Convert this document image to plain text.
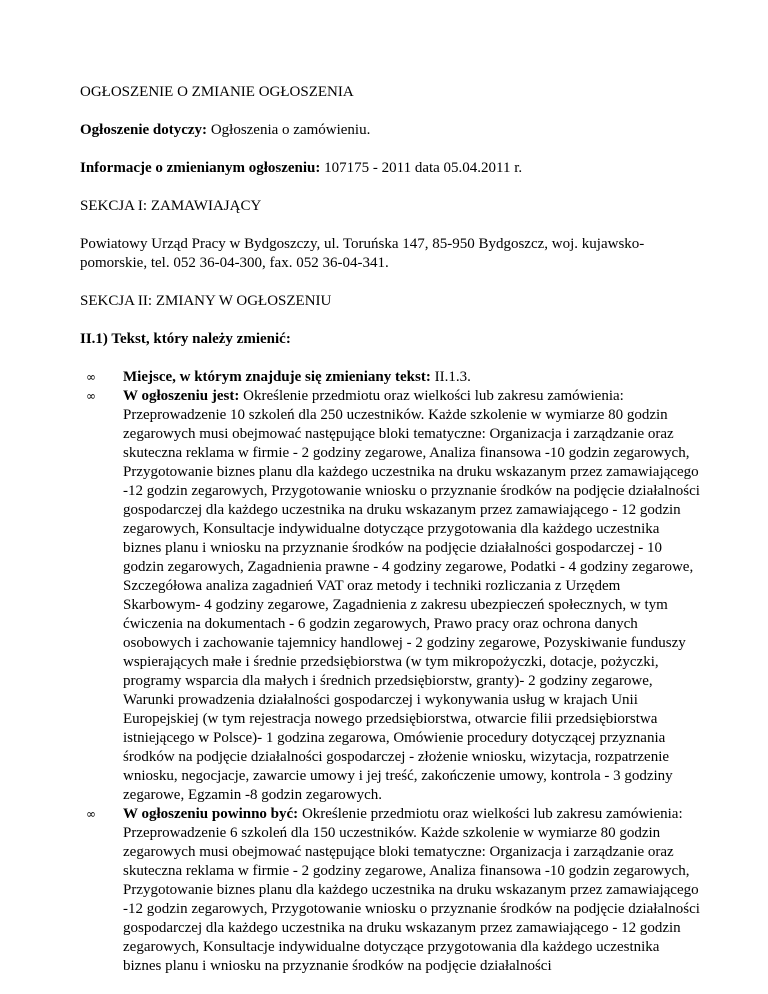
OGŁOSZENIE O ZMIANIE OGŁOSZENIA

Ogłoszenie dotyczy: Ogłoszenia o zamówieniu.

Informacje o zmienianym ogłoszeniu: 107175 - 2011 data 05.04.2011 r.

SEKCJA I: ZAMAWIAJĄCY

Powiatowy Urząd Pracy w Bydgoszczy, ul. Toruńska 147, 85-950 Bydgoszcz, woj. kujawsko-pomorskie, tel. 052 36-04-300, fax. 052 36-04-341.

SEKCJA II: ZMIANY W OGŁOSZENIU

II.1) Tekst, który należy zmienić:

∞ Miejsce, w którym znajduje się zmieniany tekst: II.1.3.
∞ W ogłoszeniu jest: Określenie przedmiotu oraz wielkości lub zakresu zamówienia: Przeprowadzenie 10 szkoleń dla 250 uczestników. Każde szkolenie w wymiarze 80 godzin zegarowych musi obejmować następujące bloki tematyczne: Organizacja i zarządzanie oraz skuteczna reklama w firmie - 2 godziny zegarowe, Analiza finansowa -10 godzin zegarowych, Przygotowanie biznes planu dla każdego uczestnika na druku wskazanym przez zamawiającego -12 godzin zegarowych, Przygotowanie wniosku o przyznanie środków na podjęcie działalności gospodarczej dla każdego uczestnika na druku wskazanym przez zamawiającego - 12 godzin zegarowych, Konsultacje indywidualne dotyczące przygotowania dla każdego uczestnika biznes planu i wniosku na przyznanie środków na podjęcie działalności gospodarczej - 10 godzin zegarowych, Zagadnienia prawne - 4 godziny zegarowe, Podatki - 4 godziny zegarowe, Szczegółowa analiza zagadnień VAT oraz metody i techniki rozliczania z Urzędem Skarbowym- 4 godziny zegarowe, Zagadnienia z zakresu ubezpieczeń społecznych, w tym ćwiczenia na dokumentach - 6 godzin zegarowych, Prawo pracy oraz ochrona danych osobowych i zachowanie tajemnicy handlowej - 2 godziny zegarowe, Pozyskiwanie funduszy wspierających małe i średnie przedsiębiorstwa (w tym mikropożyczki, dotacje, pożyczki, programy wsparcia dla małych i średnich przedsiębiorstw, granty)- 2 godziny zegarowe, Warunki prowadzenia działalności gospodarczej i wykonywania usług w krajach Unii Europejskiej (w tym rejestracja nowego przedsiębiorstwa, otwarcie filii przedsiębiorstwa istniejącego w Polsce)- 1 godzina zegarowa, Omówienie procedury dotyczącej przyznania środków na podjęcie działalności gospodarczej - złożenie wniosku, wizytacja, rozpatrzenie wniosku, negocjacje, zawarcie umowy i jej treść, zakończenie umowy, kontrola - 3 godziny zegarowe, Egzamin -8 godzin zegarowych.
∞ W ogłoszeniu powinno być: Określenie przedmiotu oraz wielkości lub zakresu zamówienia: Przeprowadzenie 6 szkoleń dla 150 uczestników. Każde szkolenie w wymiarze 80 godzin zegarowych musi obejmować następujące bloki tematyczne: Organizacja i zarządzanie oraz skuteczna reklama w firmie - 2 godziny zegarowe, Analiza finansowa -10 godzin zegarowych, Przygotowanie biznes planu dla każdego uczestnika na druku wskazanym przez zamawiającego -12 godzin zegarowych, Przygotowanie wniosku o przyznanie środków na podjęcie działalności gospodarczej dla każdego uczestnika na druku wskazanym przez zamawiającego - 12 godzin zegarowych, Konsultacje indywidualne dotyczące przygotowania dla każdego uczestnika biznes planu i wniosku na przyznanie środków na podjęcie działalności
